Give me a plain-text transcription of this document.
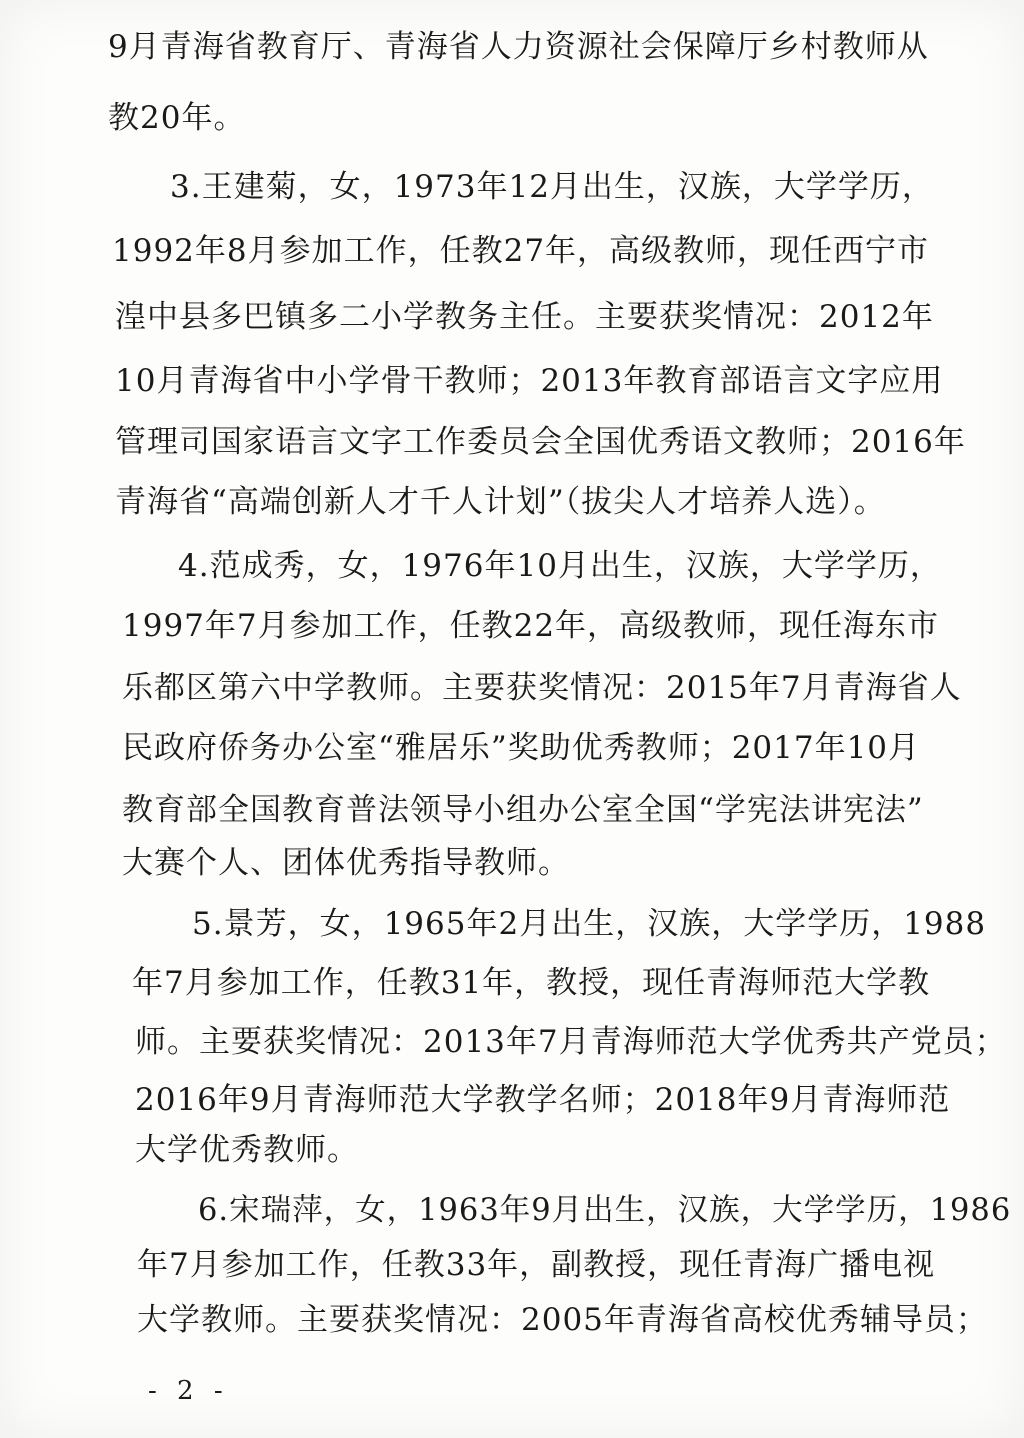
9月青海省教育厅、青海省人力资源社会保障厅乡村教师从
教20年。
3.王建菊，女，1973年12月出生，汉族，大学学历，
1992年8月参加工作，任教27年，高级教师，现任西宁市
湟中县多巴镇多二小学教务主任。主要获奖情况：2012年
10月青海省中小学骨干教师；2013年教育部语言文字应用
管理司国家语言文字工作委员会全国优秀语文教师；2016年
青海省“高端创新人才千人计划”（拔尖人才培养人选）。
4.范成秀，女，1976年10月出生，汉族，大学学历，
1997年7月参加工作，任教22年，高级教师，现任海东市
乐都区第六中学教师。主要获奖情况：2015年7月青海省人
民政府侨务办公室“雅居乐”奖助优秀教师；2017年10月
教育部全国教育普法领导小组办公室全国“学宪法讲宪法”
大赛个人、团体优秀指导教师。
5.景芳，女，1965年2月出生，汉族，大学学历，1988
年7月参加工作，任教31年，教授，现任青海师范大学教
师。主要获奖情况：2013年7月青海师范大学优秀共产党员；
2016年9月青海师范大学教学名师；2018年9月青海师范
大学优秀教师。
6.宋瑞萍，女，1963年9月出生，汉族，大学学历，1986
年7月参加工作，任教33年，副教授，现任青海广播电视
大学教师。主要获奖情况：2005年青海省高校优秀辅导员；
- 2 -
